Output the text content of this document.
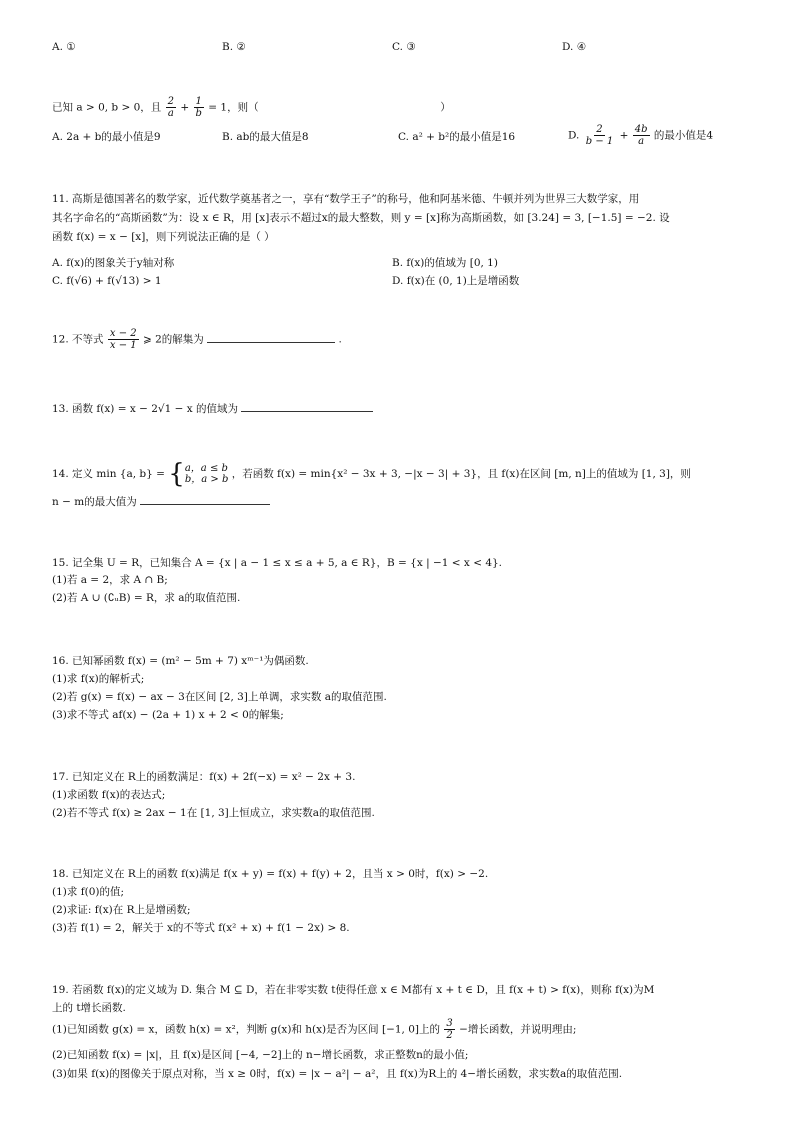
A. ①	B. ②	C. ③	D. ④
已知 a > 0, b > 0，且 $\frac{2}{a} + \frac{1}{b} = 1$，则（	）
A. 2a + b的最小值是9	B. ab的最大值是8	C. a² + b²的最小值是16	D. $\frac{2}{b - 1} + \frac{4b}{a}$ 的最小值是4
11. 高斯是德国著名的数学家，近代数学奠基者之一，享有“数学王子”的称号，他和阿基米德、牛顿并列为世界三大数学家，用
其名字命名的“高斯函数”为：设 x ∈ R，用 [x]表示不超过x的最大整数，则 y = [x]称为高斯函数，如 [3.24] = 3, [−1.5] = −2. 设
函数 f(x) = x − [x]，则下列说法正确的是（ ）
A. f(x)的图象关于y轴对称	B. f(x)的值域为 [0, 1)
C. f(√6) + f(√13) > 1	D. f(x)在 (0, 1)上是增函数
12. 不等式 $\frac{x - 2}{x - 1}$ ⩾ 2的解集为	.
13. 函数 f(x) = x − 2√1 − x 的值域为
14. 定义 min {a, b} = { a，a ≤ b
b，a > b ，若函数 f(x) = min{x² − 3x + 3, −|x − 3| + 3}，且 f(x)在区间 [m, n]上的值域为 [1, 3]，则
n − m的最大值为
15. 记全集 U = R，已知集合 A = {x | a − 1 ≤ x ≤ a + 5, a ∈ R}，B = {x | −1 < x < 4}.
(1)若 a = 2，求 A ∩ B;
(2)若 A ∪ (∁ᵤB) = R，求 a的取值范围.
16. 已知幂函数 f(x) = (m² − 5m + 7) xᵐ⁻¹为偶函数.
(1)求 f(x)的解析式;
(2)若 g(x) = f(x) − ax − 3在区间 [2, 3]上单调，求实数 a的取值范围.
(3)求不等式 af(x) − (2a + 1) x + 2 < 0的解集;
17. 已知定义在 R上的函数满足：f(x) + 2f(−x) = x² − 2x + 3.
(1)求函数 f(x)的表达式;
(2)若不等式 f(x) ≥ 2ax − 1在 [1, 3]上恒成立，求实数a的取值范围.
18. 已知定义在 R上的函数 f(x)满足 f(x + y) = f(x) + f(y) + 2，且当 x > 0时，f(x) > −2.
(1)求 f(0)的值;
(2)求证: f(x)在 R上是增函数;
(3)若 f(1) = 2，解关于 x的不等式 f(x² + x) + f(1 − 2x) > 8.
19. 若函数 f(x)的定义域为 D. 集合 M ⊆ D，若在非零实数 t使得任意 x ∈ M都有 x + t ∈ D，且 f(x + t) > f(x)，则称 f(x)为M
上的 t增长函数.
(1)已知函数 g(x) = x，函数 h(x) = x²，判断 g(x)和 h(x)是否为区间 [−1, 0]上的 $\frac{3}{2}$ −增长函数，并说明理由;
(2)已知函数 f(x) = |x|，且 f(x)是区间 [−4, −2]上的 n−增长函数，求正整数n的最小值;
(3)如果 f(x)的图像关于原点对称，当 x ≥ 0时，f(x) = |x − a²| − a²，且 f(x)为R上的 4−增长函数，求实数a的取值范围.
